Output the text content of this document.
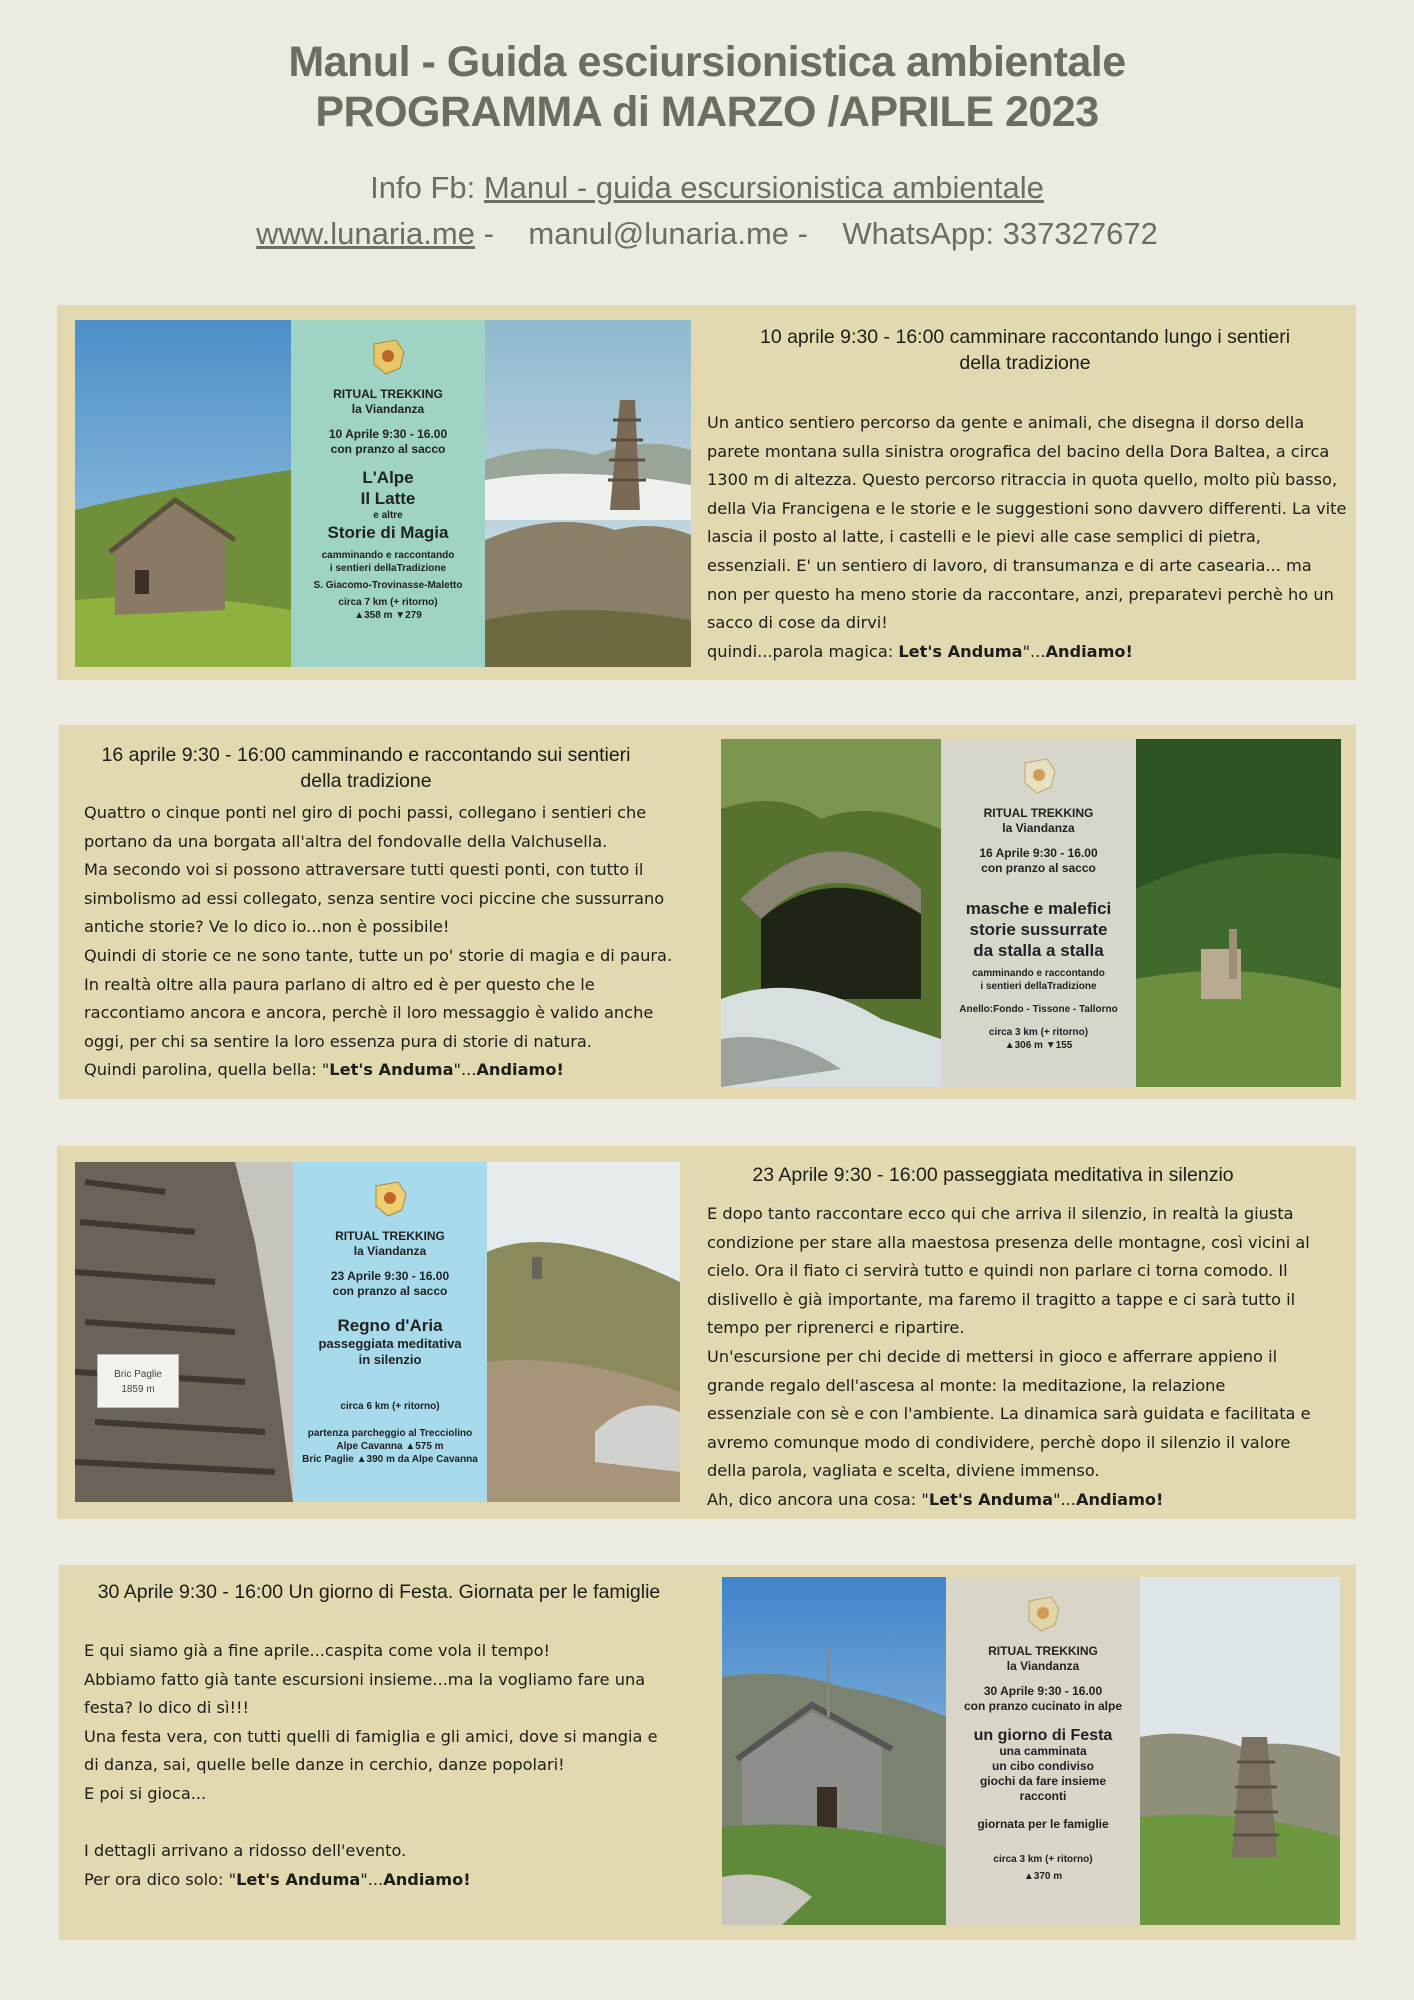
Manul - Guida esciursionistica ambientale
PROGRAMMA di MARZO /APRILE 2023
Info Fb: Manul - guida escursionistica ambientale
www.lunaria.me -    manul@lunaria.me -    WhatsApp: 337327672
RITUAL TREKKING
la Viandanza
10 Aprile 9:30 - 16.00
con pranzo al sacco
L'Alpe
Il Latte
e altre
Storie di Magia
camminando e raccontando
i sentieri dellaTradizione
S. Giacomo-Trovinasse-Maletto
circa 7 km (+ ritorno)
▲358 m ▼279
10 aprile 9:30 - 16:00 camminare raccontando lungo i sentieri
della tradizione

Un antico sentiero percorso da gente e animali, che disegna il dorso della parete montana sulla sinistra orografica del bacino della Dora Baltea, a circa 1300 m di altezza. Questo percorso ritraccia in quota quello, molto più basso, della Via Francigena e le storie e le suggestioni sono davvero differenti. La vite lascia il posto al latte, i castelli e le pievi alle case semplici di pietra, essenziali. E' un sentiero di lavoro, di transumanza e di arte casearia... ma non per questo ha meno storie da raccontare, anzi, preparatevi perchè ho un sacco di cose da dirvi!

quindi...parola magica: Let's Anduma"...Andiamo!

16 aprile 9:30 - 16:00 camminando e raccontando sui sentieri
della tradizione

Quattro o cinque ponti nel giro di pochi passi, collegano i sentieri che

portano da una borgata all'altra del fondovalle della Valchusella.

Ma secondo voi si possono attraversare tutti questi ponti, con tutto il

simbolismo ad essi collegato, senza sentire voci piccine che sussurrano

antiche storie? Ve lo dico io...non è possibile!

Quindi di storie ce ne sono tante, tutte un po' storie di magia e di paura.

In realtà oltre alla paura parlano di altro ed è per questo che le

raccontiamo ancora e ancora, perchè il loro messaggio è valido anche

oggi, per chi sa sentire la loro essenza pura di storie di natura.

Quindi parolina, quella bella: "Let's Anduma"...Andiamo!

RITUAL TREKKING
la Viandanza
16 Aprile 9:30 - 16.00
con pranzo al sacco
masche e malefici
storie sussurrate
da stalla a stalla
camminando e raccontando
i sentieri dellaTradizione
Anello:Fondo - Tissone - Tallorno
circa 3 km (+ ritorno)
▲306 m ▼155
Bric Paglie
1859 m
RITUAL TREKKING
la Viandanza
23 Aprile 9:30 - 16.00
con pranzo al sacco
Regno d'Aria
passeggiata meditativa
in silenzio
circa 6 km (+ ritorno)
partenza parcheggio al Trecciolino
Alpe Cavanna ▲575 m
Bric Paglie ▲390 m da Alpe Cavanna
23 Aprile 9:30 - 16:00 passeggiata meditativa in silenzio

E dopo tanto raccontare ecco qui che arriva il silenzio, in realtà la giusta

condizione per stare alla maestosa presenza delle montagne, così vicini al

cielo. Ora il fiato ci servirà tutto e quindi non parlare ci torna comodo. Il

dislivello è già importante, ma faremo il tragitto a tappe e ci sarà tutto il

tempo per riprenerci e ripartire.

Un'escursione per chi decide di mettersi in gioco e afferrare appieno il

grande regalo dell'ascesa al monte: la meditazione, la relazione

essenziale con sè e con l'ambiente. La dinamica sarà guidata e facilitata e

avremo comunque modo di condividere, perchè dopo il silenzio il valore

della parola, vagliata e scelta, diviene immenso.

Ah, dico ancora una cosa: "Let's Anduma"...Andiamo!

30 Aprile 9:30 - 16:00 Un giorno di Festa. Giornata per le famiglie

E qui siamo già a fine aprile...caspita come vola il tempo!

Abbiamo fatto già tante escursioni insieme...ma la vogliamo fare una

festa? Io dico di sì!!!

Una festa vera, con tutti quelli di famiglia e gli amici, dove si mangia e

di danza, sai, quelle belle danze in cerchio, danze popolari!

E poi si gioca...

I dettagli arrivano a ridosso dell'evento.

Per ora dico solo: "Let's Anduma"...Andiamo!

RITUAL TREKKING
la Viandanza
30 Aprile 9:30 - 16.00
con pranzo cucinato in alpe
un giorno di Festa
una camminata
un cibo condiviso
giochi da fare insieme
racconti
giornata per le famiglie
circa 3 km (+ ritorno)
▲370 m
